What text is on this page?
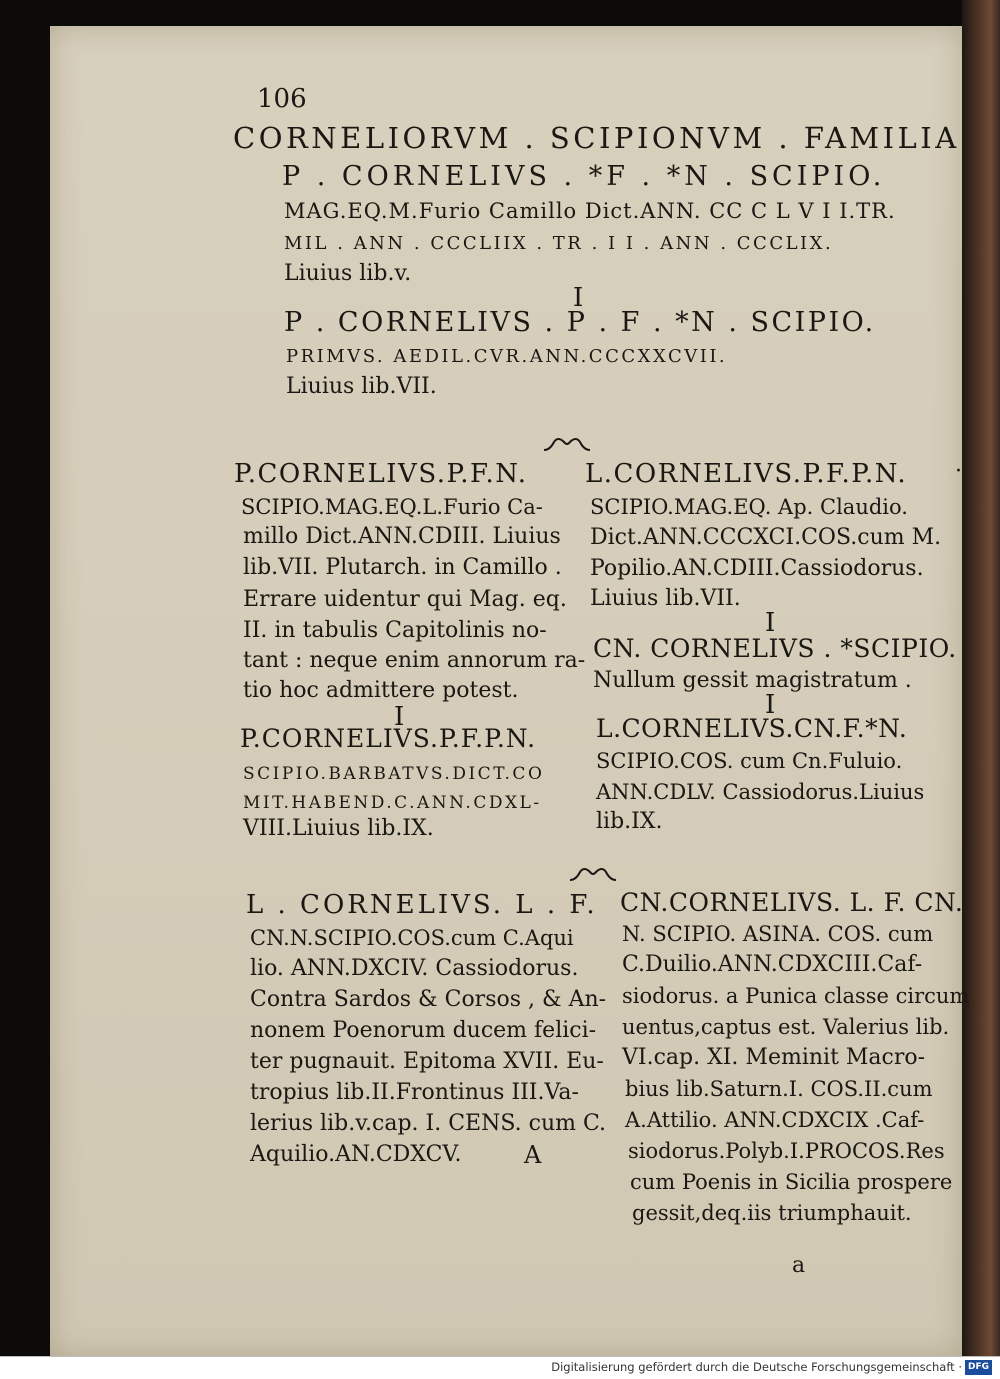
106
CORNELIORVM . SCIPIONVM . FAMILIA
P . CORNELIVS . *F . *N . SCIPIO.
MAG.EQ.M.Furio Camillo Dict.ANN. CC C L V I I.TR.
MIL . ANN . CCCLIIX . TR . I I . ANN . CCCLIX.
Liuius lib.v.
I
P . CORNELIVS . P . F . *N . SCIPIO.
PRIMVS. AEDIL.CVR.ANN.CCCXXCVII.
Liuius lib.VII.
P.CORNELIVS.P.F.N.
SCIPIO.MAG.EQ.L.Furio Ca-
millo Dict.ANN.CDIII. Liuius
lib.VII. Plutarch. in Camillo .
Errare uidentur qui Mag. eq.
II. in tabulis Capitolinis no-
tant : neque enim annorum ra-
tio hoc admittere potest.
I
P.CORNELIVS.P.F.P.N.
SCIPIO.BARBATVS.DICT.CO
MIT.HABEND.C.ANN.CDXL-
VIII.Liuius lib.IX.
L.CORNELIVS.P.F.P.N.
SCIPIO.MAG.EQ. Ap. Claudio.
Dict.ANN.CCCXCI.COS.cum M.
Popilio.AN.CDIII.Cassiodorus.
Liuius lib.VII.
I
CN. CORNELIVS . *SCIPIO.
Nullum gessit magistratum .
I
L.CORNELIVS.CN.F.*N.
SCIPIO.COS. cum Cn.Fuluio.
ANN.CDLV. Cassiodorus.Liuius
lib.IX.
L . CORNELIVS. L . F.
CN.N.SCIPIO.COS.cum C.Aqui
lio. ANN.DXCIV. Cassiodorus.
Contra Sardos & Corsos , & An-
nonem Poenorum ducem felici-
ter pugnauit. Epitoma XVII. Eu-
tropius lib.II.Frontinus III.Va-
lerius lib.v.cap. I. CENS. cum C.
Aquilio.AN.CDXCV.	A
CN.CORNELIVS. L. F. CN.
N. SCIPIO. ASINA. COS. cum
C.Duilio.ANN.CDXCIII.Caf-
siodorus. a Punica classe circum
uentus,captus est. Valerius lib.
VI.cap. XI. Meminit Macro-
bius lib.Saturn.I. COS.II.cum
A.Attilio. ANN.CDXCIX .Caf-
siodorus.Polyb.I.PROCOS.Res
cum Poenis in Sicilia prospere
gessit,deq.iis triumphauit.
a
·
Digitalisierung gefördert durch die Deutsche Forschungsgemeinschaft · DFG
